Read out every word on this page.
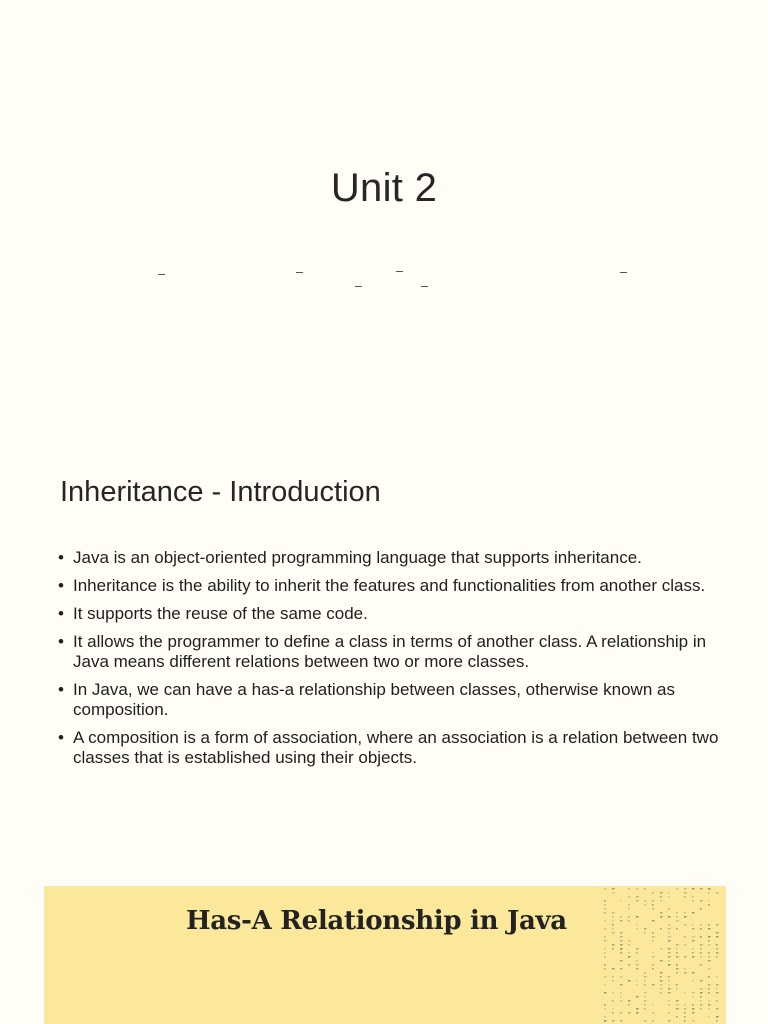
Unit 2
Inheritance - Introduction
• Java is an object-oriented programming language that supports inheritance.
• Inheritance is the ability to inherit the features and functionalities from another class.
• It supports the reuse of the same code.
• It allows the programmer to define a class in terms of another class. A relationship in Java means different relations between two or more classes.
• In Java, we can have a has-a relationship between classes, otherwise known as composition.
• A composition is a form of association, where an association is a relation between two classes that is established using their objects.
Has-A Relationship in Java
